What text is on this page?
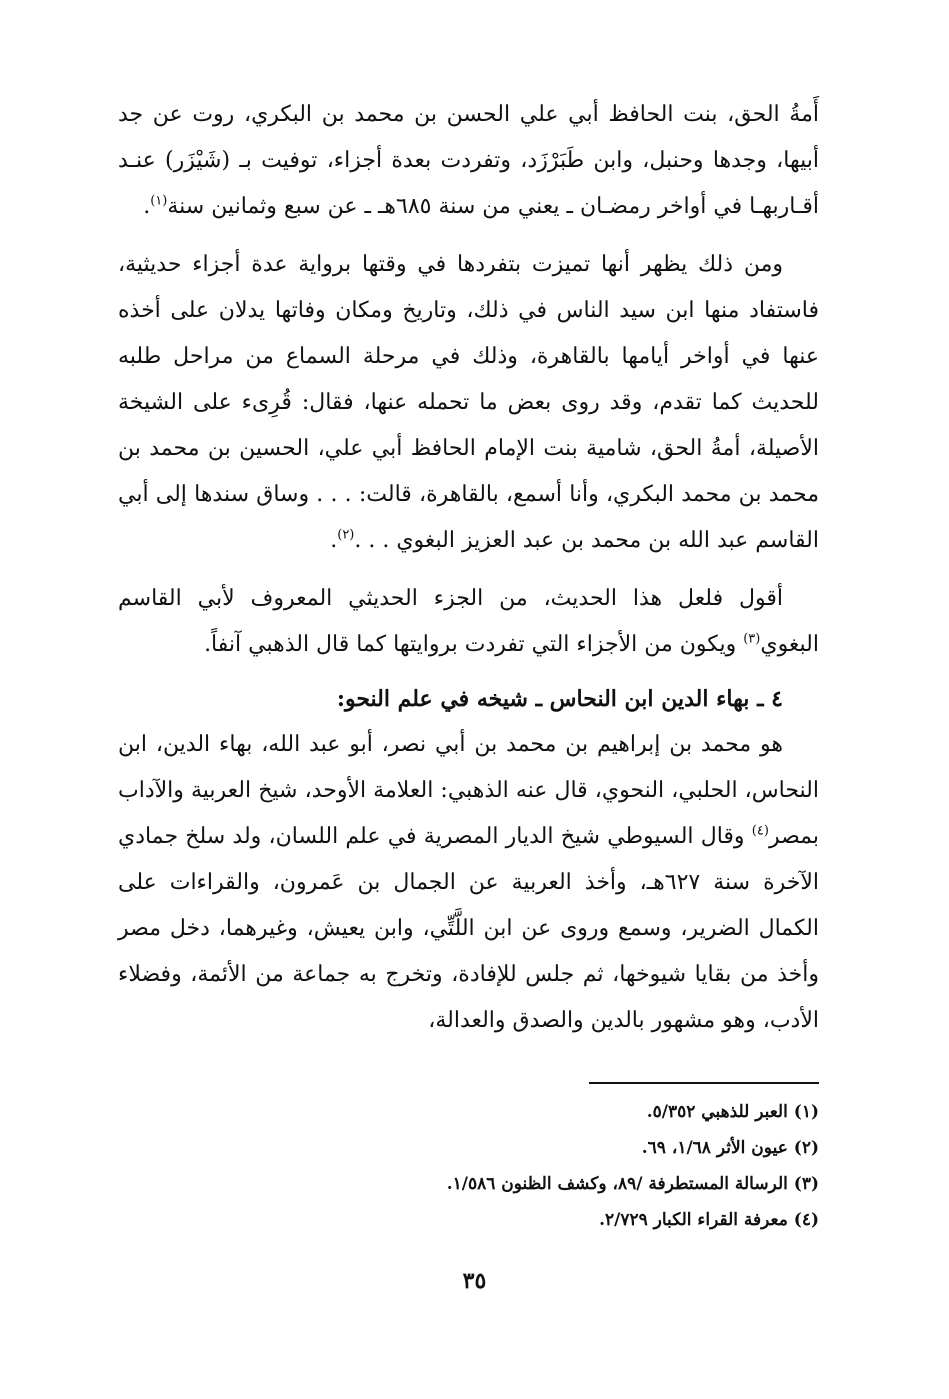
أَمةُ الحق، بنت الحافظ أبي علي الحسن بن محمد بن البكري، روت عن جد أبيها، وجدها وحنبل، وابن طَبَرْزَد، وتفردت بعدة أجزاء، توفيت بـ (شَيْزَر) عنـد أقـاربهـا في أواخر رمضـان ـ يعني من سنة ٦٨٥هـ ـ عن سبع وثمانين سنة$^{(١)}$.

ومن ذلك يظهر أنها تميزت بتفردها في وقتها برواية عدة أجزاء حديثية، فاستفاد منها ابن سيد الناس في ذلك، وتاريخ ومكان وفاتها يدلان على أخذه عنها في أواخر أيامها بالقاهرة، وذلك في مرحلة السماع من مراحل طلبه للحديث كما تقدم، وقد روى بعض ما تحمله عنها، فقال: قُرِىء على الشيخة الأصيلة، أمةُ الحق، شامية بنت الإمام الحافظ أبي علي، الحسين بن محمد بن محمد بن محمد البكري، وأنا أسمع، بالقاهرة، قالت: . . . وساق سندها إلى أبي القاسم عبد الله بن محمد بن عبد العزيز البغوي . . .$^{(٢)}$.

أقول فلعل هذا الحديث، من الجزء الحديثي المعروف لأبي القاسم البغوي$^{(٣)}$ ويكون من الأجزاء التي تفردت بروايتها كما قال الذهبي آنفاً.

٤ ـ بهاء الدين ابن النحاس ـ شيخه في علم النحو:

هو محمد بن إبراهيم بن محمد بن أبي نصر، أبو عبد الله، بهاء الدين، ابن النحاس، الحلبي، النحوي، قال عنه الذهبي: العلامة الأوحد، شيخ العربية والآداب بمصر$^{(٤)}$ وقال السيوطي شيخ الديار المصرية في علم اللسان، ولد سلخ جمادي الآخرة سنة ٦٢٧هـ، وأخذ العربية عن الجمال بن عَمرون، والقراءات على الكمال الضرير، وسمع وروى عن ابن اللَّتِّي، وابن يعيش، وغيرهما، دخل مصر وأخذ من بقايا شيوخها، ثم جلس للإفادة، وتخرج به جماعة من الأئمة، وفضلاء الأدب، وهو مشهور بالدين والصدق والعدالة،

(١) العبر للذهبي ٥/٣٥٢.

(٢) عيون الأثر ١/٦٨، ٦٩.

(٣) الرسالة المستطرفة /٨٩، وكشف الظنون ١/٥٨٦.

(٤) معرفة القراء الكبار ٢/٧٢٩.

٣٥
